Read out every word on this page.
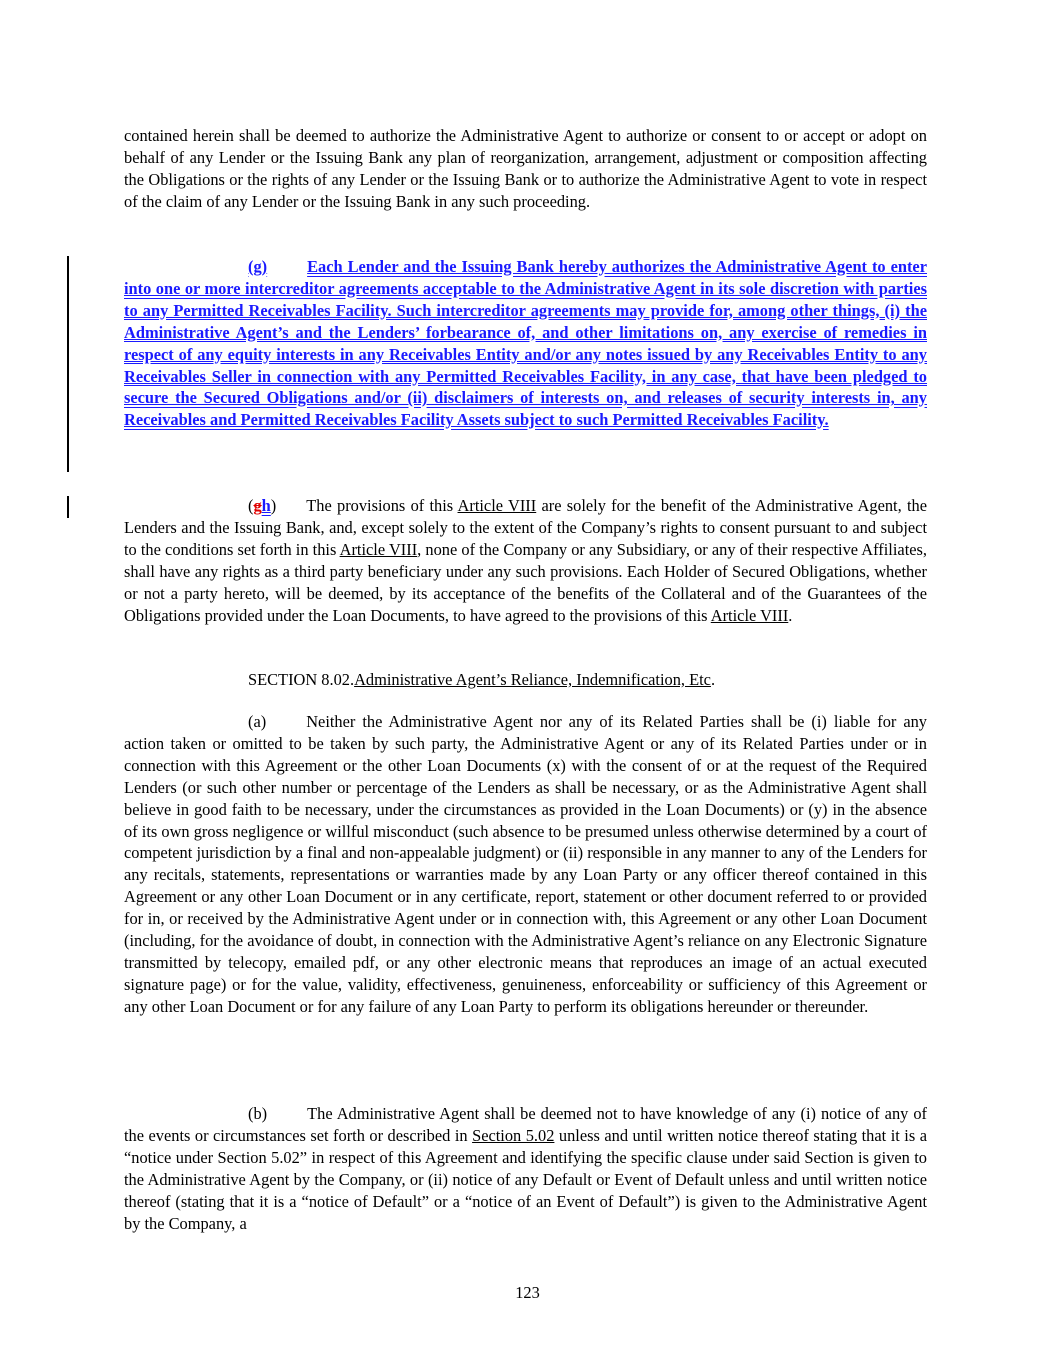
contained herein shall be deemed to authorize the Administrative Agent to authorize or consent to or accept or adopt on behalf of any Lender or the Issuing Bank any plan of reorganization, arrangement, adjustment or composition affecting the Obligations or the rights of any Lender or the Issuing Bank or to authorize the Administrative Agent to vote in respect of the claim of any Lender or the Issuing Bank in any such proceeding.

(g) Each Lender and the Issuing Bank hereby authorizes the Administrative Agent to enter into one or more intercreditor agreements acceptable to the Administrative Agent in its sole discretion with parties to any Permitted Receivables Facility. Such intercreditor agreements may provide for, among other things, (i) the Administrative Agent’s and the Lenders’ forbearance of, and other limitations on, any exercise of remedies in respect of any equity interests in any Receivables Entity and/or any notes issued by any Receivables Entity to any Receivables Seller in connection with any Permitted Receivables Facility, in any case, that have been pledged to secure the Secured Obligations and/or (ii) disclaimers of interests on, and releases of security interests in, any Receivables and Permitted Receivables Facility Assets subject to such Permitted Receivables Facility.

(gh) The provisions of this Article VIII are solely for the benefit of the Administrative Agent, the Lenders and the Issuing Bank, and, except solely to the extent of the Company’s rights to consent pursuant to and subject to the conditions set forth in this Article VIII, none of the Company or any Subsidiary, or any of their respective Affiliates, shall have any rights as a third party beneficiary under any such provisions. Each Holder of Secured Obligations, whether or not a party hereto, will be deemed, by its acceptance of the benefits of the Collateral and of the Guarantees of the Obligations provided under the Loan Documents, to have agreed to the provisions of this Article VIII.

SECTION 8.02.Administrative Agent’s Reliance, Indemnification, Etc.

(a) Neither the Administrative Agent nor any of its Related Parties shall be (i) liable for any action taken or omitted to be taken by such party, the Administrative Agent or any of its Related Parties under or in connection with this Agreement or the other Loan Documents (x) with the consent of or at the request of the Required Lenders (or such other number or percentage of the Lenders as shall be necessary, or as the Administrative Agent shall believe in good faith to be necessary, under the circumstances as provided in the Loan Documents) or (y) in the absence of its own gross negligence or willful misconduct (such absence to be presumed unless otherwise determined by a court of competent jurisdiction by a final and non-appealable judgment) or (ii) responsible in any manner to any of the Lenders for any recitals, statements, representations or warranties made by any Loan Party or any officer thereof contained in this Agreement or any other Loan Document or in any certificate, report, statement or other document referred to or provided for in, or received by the Administrative Agent under or in connection with, this Agreement or any other Loan Document (including, for the avoidance of doubt, in connection with the Administrative Agent’s reliance on any Electronic Signature transmitted by telecopy, emailed pdf, or any other electronic means that reproduces an image of an actual executed signature page) or for the value, validity, effectiveness, genuineness, enforceability or sufficiency of this Agreement or any other Loan Document or for any failure of any Loan Party to perform its obligations hereunder or thereunder.

(b) The Administrative Agent shall be deemed not to have knowledge of any (i) notice of any of the events or circumstances set forth or described in Section 5.02 unless and until written notice thereof stating that it is a “notice under Section 5.02” in respect of this Agreement and identifying the specific clause under said Section is given to the Administrative Agent by the Company, or (ii) notice of any Default or Event of Default unless and until written notice thereof (stating that it is a “notice of Default” or a “notice of an Event of Default”) is given to the Administrative Agent by the Company, a

123
